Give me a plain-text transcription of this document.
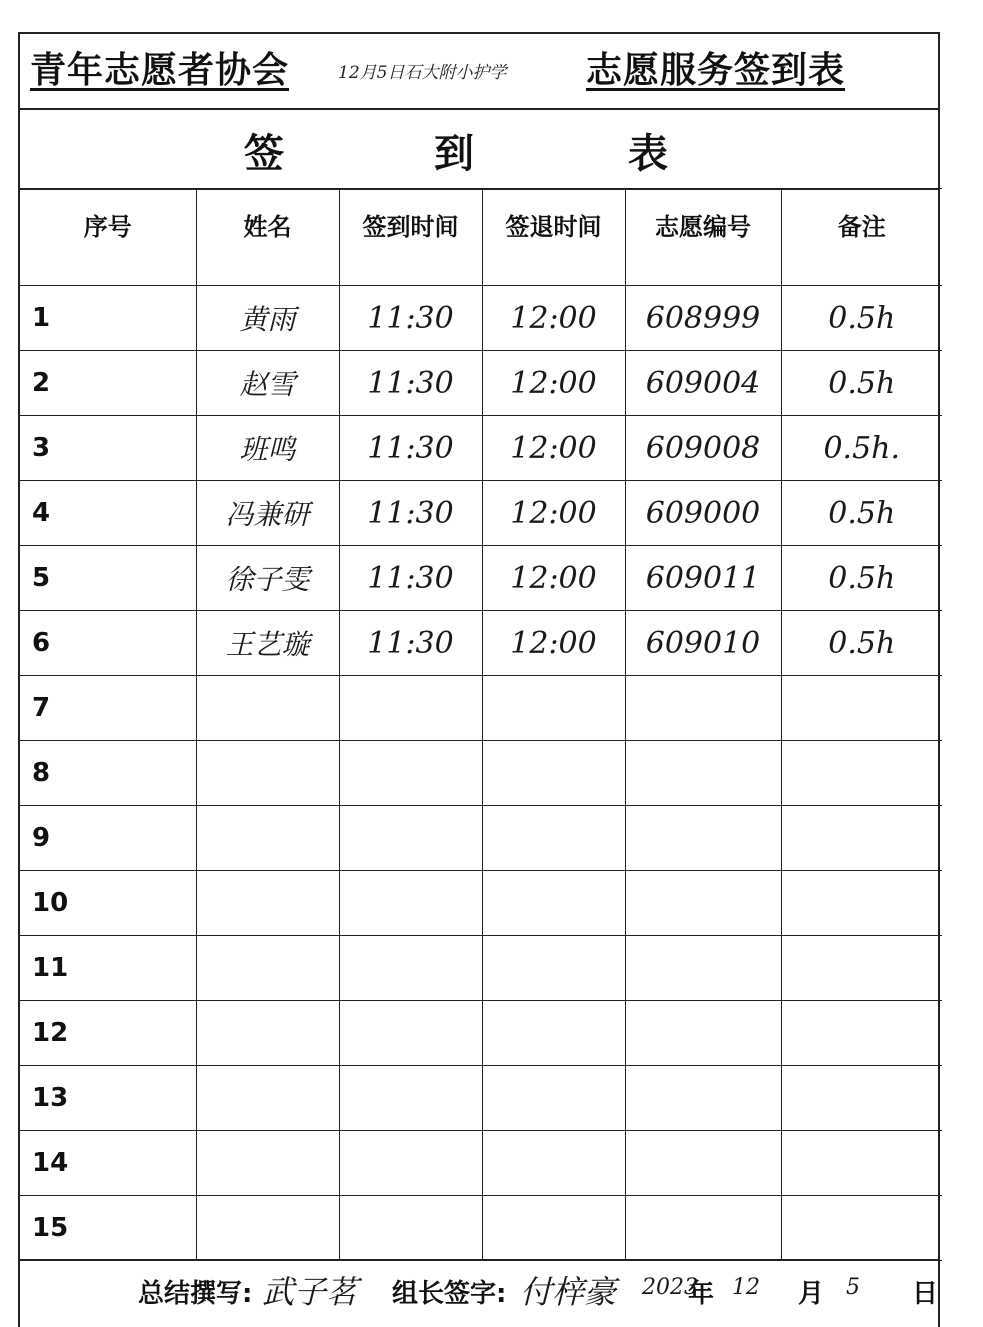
青年志愿者协会	12月5日石大附小护学 志愿服务签到表
签	到	表
序号	姓名	签到时间	签退时间	志愿编号	备注
1	黄雨	11:30	12:00	608999	0.5h
2	赵雪	11:30	12:00	609004	0.5h
3	班鸣	11:30	12:00	609008	0.5h.
4	冯兼研	11:30	12:00	609000	0.5h
5	徐子雯	11:30	12:00	609011	0.5h
6	王艺璇	11:30	12:00	609010	0.5h
7					
8					
9					
10					
11					
12					
13					
14					
15					
总结撰写: 武子茗 组长签字: 付梓豪 2023
年 12 月 5 日
